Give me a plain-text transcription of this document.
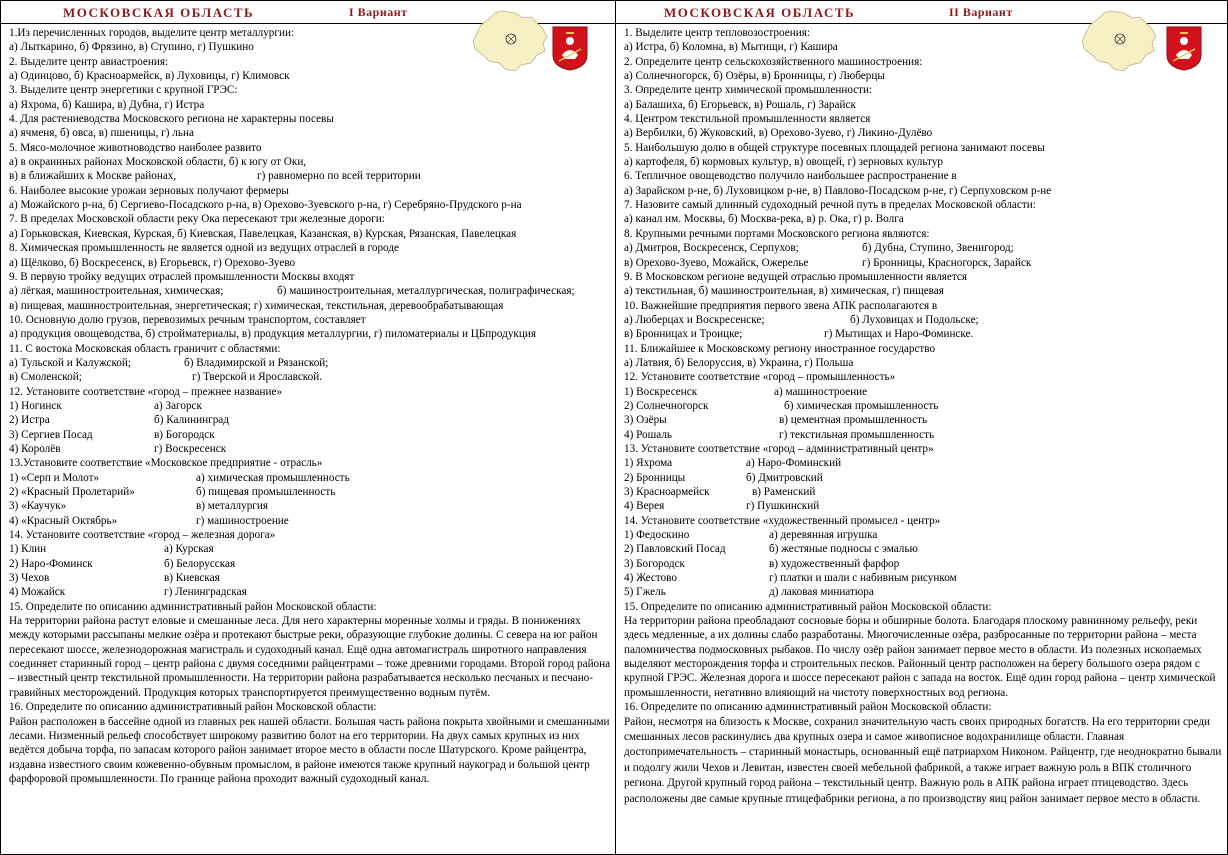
МОСКОВСКАЯ ОБЛАСТЬ	I Вариант
1.Из перечисленных городов, выделите центр металлургии:
а) Лыткарино, б) Фрязино, в) Ступино, г) Пушкино
2. Выделите центр авиастроения:
а) Одинцово, б) Красноармейск, в) Луховицы, г) Климовск
3. Выделите центр энергетики с крупной ГРЭС:
а) Яхрома, б) Кашира, в) Дубна, г) Истра
4. Для растениеводства Московского региона не характерны посевы
а) ячменя, б) овса, в) пшеницы, г) льна
5. Мясо-молочное животноводство наиболее развито
а) в окраинных районах Московской области, б) к югу от Оки,
в) в ближайших к Москве районах,	г) равномерно по всей территории
6. Наиболее высокие урожаи зерновых получают фермеры
а) Можайского р-на, б) Сергиево-Посадского р-на, в) Орехово-Зуевского р-на, г) Серебряно-Прудского р-на
7. В пределах Московской области реку Ока пересекают три железные дороги:
а) Горьковская, Киевская, Курская, б) Киевская, Павелецкая, Казанская, в) Курская, Рязанская, Павелецкая
8. Химическая промышленность не является одной из ведущих отраслей в городе
а) Щёлково, б) Воскресенск, в) Егорьевск, г) Орехово-Зуево
9. В первую тройку ведущих отраслей промышленности Москвы входят
а) лёгкая, машиностроительная, химическая;	б) машиностроительная, металлургическая, полиграфическая;
в) пищевая, машиностроительная, энергетическая; г) химическая, текстильная, деревообрабатывающая
10. Основную долю грузов, перевозимых речным транспортом, составляет
а) продукция овощеводства, б) стройматериалы, в) продукция металлургии, г) пиломатериалы и ЦБпродукция
11. С востока Московская область граничит с областями:
а) Тульской и Калужской;	б) Владимирской и Рязанской;
в) Смоленской;	г) Тверской и Ярославской.
12. Установите соответствие «город – прежнее название»
1) Ногинск	а) Загорск
2) Истра	б) Калининград
3) Сергиев Посад	в) Богородск
4) Королёв	г) Воскресенск
13.Установите соответствие «Московское предприятие - отрасль»
1) «Серп и Молот»	а) химическая промышленность
2) «Красный Пролетарий»	б) пищевая промышленность
3) «Каучук»	в) металлургия
4) «Красный Октябрь»	г) машиностроение
14. Установите соответствие «город – железная дорога»
1) Клин	а) Курская
2) Наро-Фоминск	б) Белорусская
3) Чехов	в) Киевская
4) Можайск	г) Ленинградская
15. Определите по описанию административный район Московской области:
На территории района растут еловые и смешанные леса. Для него характерны моренные холмы и гряды. В понижениях между которыми рассыпаны мелкие озёра и протекают быстрые реки, образующие глубокие долины. С севера на юг район пересекают шоссе, железнодорожная магистраль и судоходный канал. Ещё одна автомагистраль широтного направления соединяет старинный город – центр района с двумя соседними райцентрами – тоже древними городами. Второй город района – известный центр текстильной промышленности. На территории района разрабатывается несколько песчаных и песчано-гравийных месторождений. Продукция которых транспортируется преимущественно водным путём.
16. Определите по описанию административный район Московской области:
Район расположен в бассейне одной из главных рек нашей области. Большая часть района покрыта хвойными и смешанными лесами. Низменный рельеф способствует широкому развитию болот на его территории. На двух самых крупных из них ведётся добыча торфа, по запасам которого район занимает второе место в области после Шатурского. Кроме райцентра, издавна известного своим кожевенно-обувным промыслом, в районе имеются также крупный наукоград и большой центр фарфоровой промышленности. По границе района проходит важный судоходный канал.
МОСКОВСКАЯ ОБЛАСТЬ	II Вариант
1. Выделите центр тепловозостроения:
а) Истра, б) Коломна, в) Мытищи, г) Кашира
2. Определите центр сельскохозяйственного машиностроения:
а) Солнечногорск, б) Озёры, в) Бронницы, г) Люберцы
3. Определите центр химической промышленности:
а) Балашиха, б) Егорьевск, в) Рошаль, г) Зарайск
4. Центром текстильной промышленности является
а) Вербилки, б) Жуковский, в) Орехово-Зуево, г) Ликино-Дулёво
5. Наибольшую долю в общей структуре посевных площадей региона занимают посевы
а) картофеля, б) кормовых культур, в) овощей, г) зерновых культур
6. Тепличное овощеводство получило наибольшее распространение в
а) Зарайском р-не, б) Луховицком р-не, в) Павлово-Посадском р-не, г) Серпуховском р-не
7. Назовите самый длинный судоходный речной путь в пределах Московской области:
а) канал им. Москвы, б) Москва-река, в) р. Ока, г) р. Волга
8. Крупными речными портами Московского региона являются:
а) Дмитров, Воскресенск, Серпухов;	б) Дубна, Ступино, Звенигород;
в) Орехово-Зуево, Можайск, Ожерелье	г) Бронницы, Красногорск, Зарайск
9. В Московском регионе ведущей отраслью промышленности является
а) текстильная, б) машиностроительная, в) химическая, г) пищевая
10. Важнейшие предприятия первого звена АПК располагаются в
а) Люберцах и Воскресенске;	б) Луховицах и Подольске;
в) Бронницах и Троицке;	г) Мытищах и Наро-Фоминске.
11. Ближайшее к Московскому региону иностранное государство
а) Латвия, б) Белоруссия, в) Украина, г) Польша
12. Установите соответствие «город – промышленность»
1) Воскресенск	а) машиностроение
2) Солнечногорск	б) химическая промышленность
3) Озёры	в) цементная промышленность
4) Рошаль	г) текстильная промышленность
13. Установите соответствие «город – административный центр»
1) Яхрома	а) Наро-Фоминский
2) Бронницы	б) Дмитровский
3) Красноармейск	в) Раменский
4) Верея	г) Пушкинский
14. Установите соответствие «художественный промысел - центр»
1) Федоскино	а) деревянная игрушка
2) Павловский Посад	б) жестяные подносы с эмалью
3) Богородск	в) художественный фарфор
4) Жестово	г) платки и шали с набивным рисунком
5) Гжель	д) лаковая миниатюра
15. Определите по описанию административный район Московской области:
На территории района преобладают сосновые боры и обширные болота. Благодаря плоскому равнинному рельефу, реки здесь медленные, а их долины слабо разработаны. Многочисленные озёра, разбросанные по территории района – места паломничества подмосковных рыбаков. По числу озёр район занимает первое место в области. Из полезных ископаемых выделяют месторождения торфа и строительных песков. Районный центр расположен на берегу большого озера рядом с крупной ГРЭС. Железная дорога и шоссе пересекают район с запада на восток. Ещё один город района – центр химической промышленности, негативно влияющий на чистоту поверхностных вод региона.
16. Определите по описанию административный район Московской области:
Район, несмотря на близость к Москве, сохранил значительную часть своих природных богатств. На его территории среди смешанных лесов раскинулись два крупных озера и самое живописное водохранилище области. Главная достопримечательность – старинный монастырь, основанный ещё патриархом Никоном. Райцентр, где неоднократно бывали и подолгу жили Чехов и Левитан, известен своей мебельной фабрикой, а также играет важную роль в ВПК столичного региона. Другой крупный город района – текстильный центр. Важную роль в АПК района играет птицеводство. Здесь расположены две самые крупные птицефабрики региона, а по производству яиц район занимает первое место в области.
